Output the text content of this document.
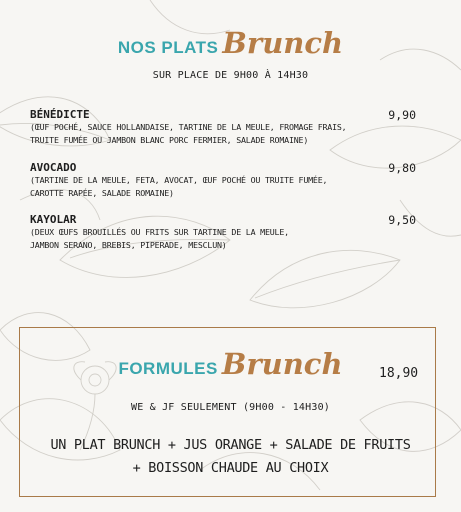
NOS PLATS Brunch
SUR PLACE DE 9H00 À 14H30
BÉNÉDICTE
(ŒUF POCHÉ, SAUCE HOLLANDAISE, TARTINE DE LA MEULE, FROMAGE FRAIS,
TRUITE FUMÉE OU JAMBON BLANC PORC FERMIER, SALADE ROMAINE)
9,90
AVOCADO
(TARTINE DE LA MEULE, FETA, AVOCAT, ŒUF POCHÉ OU TRUITE FUMÉE,
CAROTTE RAPÉE, SALADE ROMAINE)
9,80
KAYOLAR
(DEUX ŒUFS BROUILLÉS OU FRITS SUR TARTINE DE LA MEULE,
JAMBON SERANO, BREBIS, PIPERADE, MESCLUN)
9,50
FORMULES Brunch	18,90
WE & JF SEULEMENT (9H00 - 14H30)
UN PLAT BRUNCH + JUS ORANGE + SALADE DE FRUITS
+ BOISSON CHAUDE AU CHOIX
